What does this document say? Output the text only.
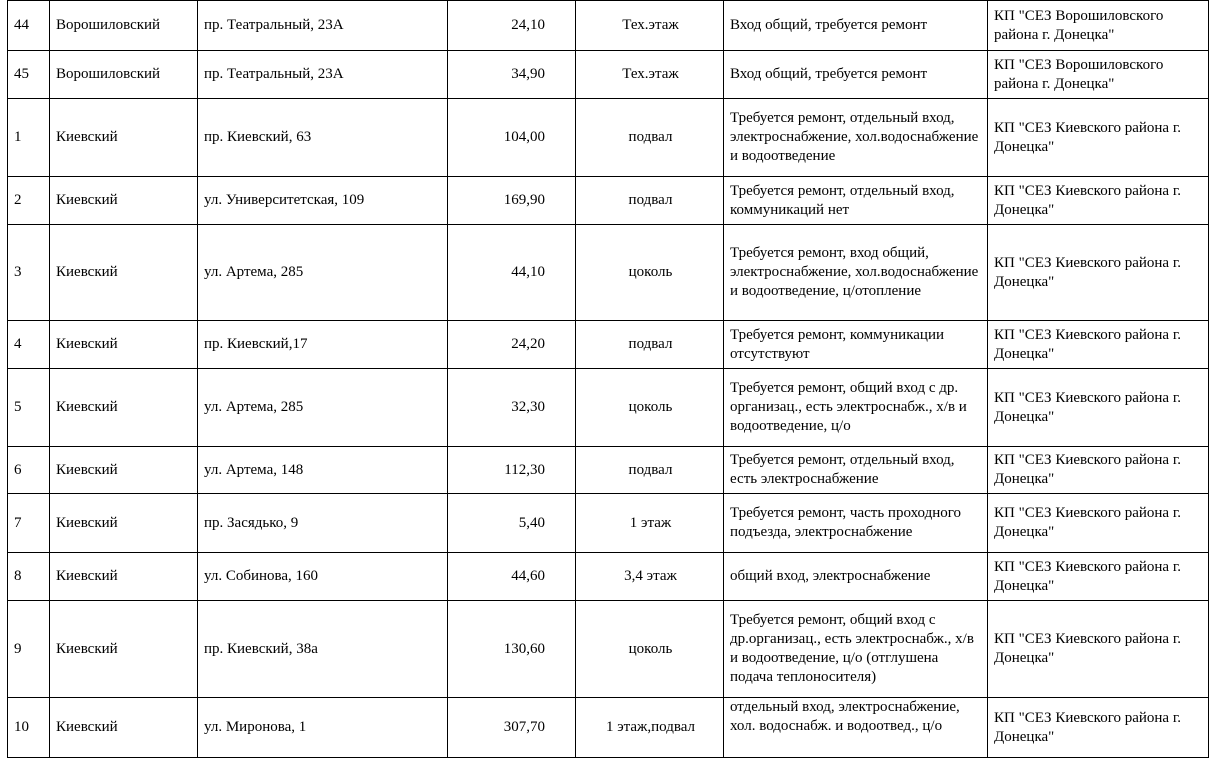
44	Ворошиловский	пр. Театральный, 23А	24,10	Тех.этаж	Вход общий, требуется ремонт	КП "СЕЗ Ворошиловского района г. Донецка"
45	Ворошиловский	пр. Театральный, 23А	34,90	Тех.этаж	Вход общий, требуется ремонт	КП "СЕЗ Ворошиловского района г. Донецка"
1	Киевский	пр. Киевский, 63	104,00	подвал	Требуется ремонт, отдельный вход, электроснабжение, хол.водоснабжение и водоотведение	КП "СЕЗ Киевского района г. Донецка"
2	Киевский	ул. Университетская, 109	169,90	подвал	Требуется ремонт, отдельный вход, коммуникаций нет	КП "СЕЗ Киевского района г. Донецка"
3	Киевский	ул. Артема, 285	44,10	цоколь	Требуется ремонт, вход общий, электроснабжение, хол.водоснабжение и водоотведение, ц/отопление	КП "СЕЗ Киевского района г. Донецка"
4	Киевский	пр. Киевский,17	24,20	подвал	Требуется ремонт, коммуникации отсутствуют	КП "СЕЗ Киевского района г. Донецка"
5	Киевский	ул. Артема, 285	32,30	цоколь	Требуется ремонт, общий вход с др. организац., есть электроснабж., х/в и водоотведение, ц/о	КП "СЕЗ Киевского района г. Донецка"
6	Киевский	ул. Артема, 148	112,30	подвал	Требуется ремонт, отдельный вход, есть электроснабжение	КП "СЕЗ Киевского района г. Донецка"
7	Киевский	пр. Засядько, 9	5,40	1 этаж	Требуется ремонт, часть проходного подъезда, электроснабжение	КП "СЕЗ Киевского района г. Донецка"
8	Киевский	ул. Собинова, 160	44,60	3,4 этаж	общий вход, электроснабжение	КП "СЕЗ Киевского района г. Донецка"
9	Киевский	пр. Киевский, 38а	130,60	цоколь	Требуется ремонт, общий вход с др.организац., есть электроснабж., х/в и водоотведение, ц/о (отглушена подача теплоносителя)	КП "СЕЗ Киевского района г. Донецка"
10	Киевский	ул. Миронова, 1	307,70	1 этаж,подвал	отдельный вход, электроснабжение, хол. водоснабж. и водоотвед., ц/о	КП "СЕЗ Киевского района г. Донецка"
